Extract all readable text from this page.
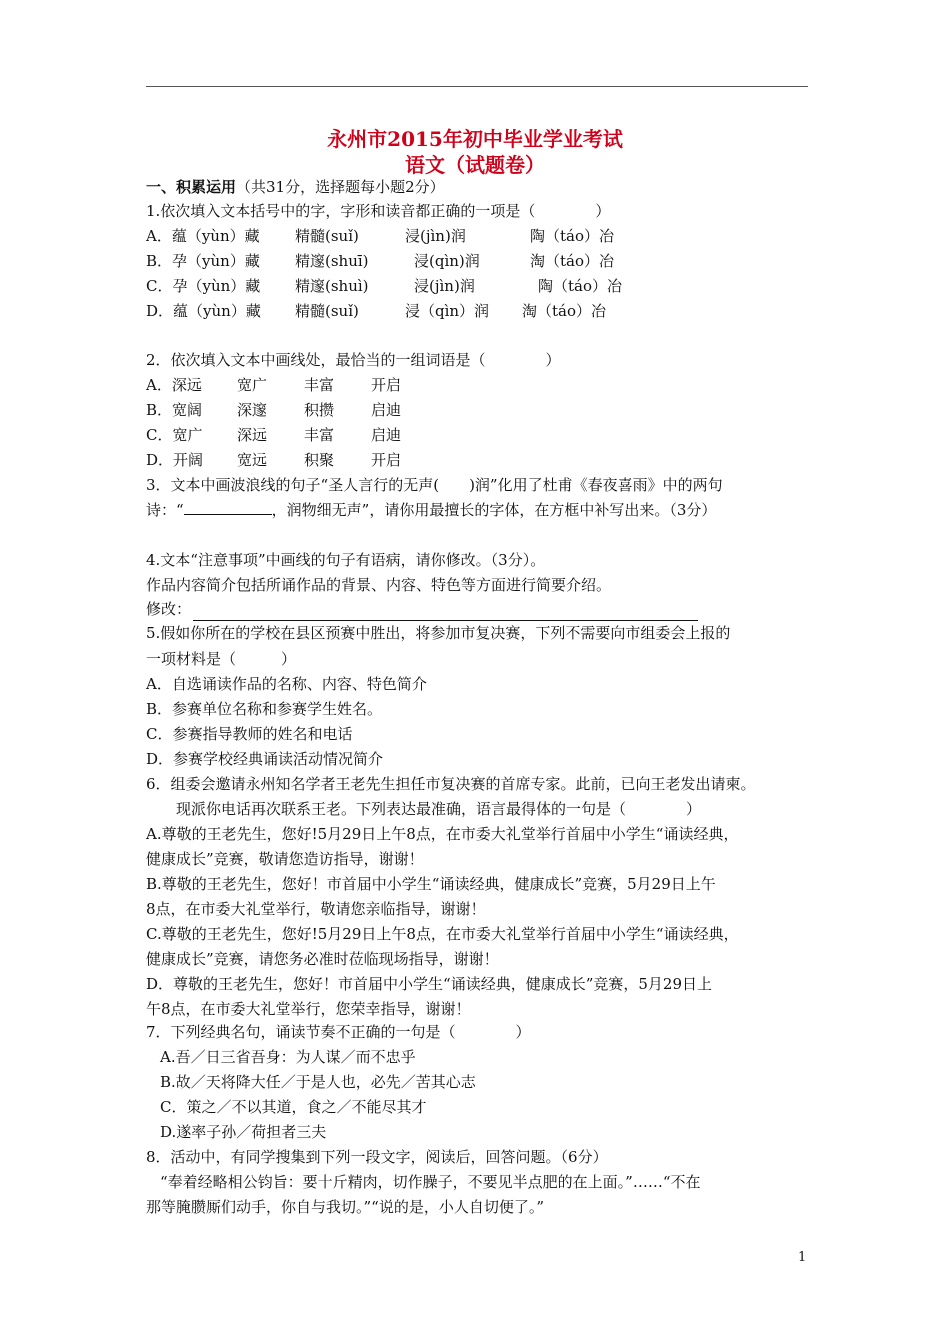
永州市2015年初中毕业学业考试
语文（试题卷）
一、积累运用（共31分，选择题每小题2分）
1.依次填入文本括号中的字，字形和读音都正确的一项是（　　　　）
A．蕴（yùn）藏 精髓(suǐ)	浸(jìn)润	陶（táo）冶
B．孕（yùn）藏 精邃(shuī)	浸(qìn)润	淘（táo）冶
C．孕（yùn）藏 精邃(shuì)	浸(jìn)润	陶（táo）冶
D．蕴（yùn）藏 精髓(suǐ)	浸（qìn）润 淘（táo）冶
2．依次填入文本中画线处，最恰当的一组词语是（　　　　）
A．深远 宽广 丰富 开启
B．宽阔 深邃 积攒 启迪
C．宽广 深远 丰富 启迪
D．开阔 宽远 积聚 开启
3．文本中画波浪线的句子“圣人言行的无声(　　)润”化用了杜甫《春夜喜雨》中的两句
诗：“	，润物细无声”，请你用最擅长的字体，在方框中补写出来。（3分）
4.文本“注意事项”中画线的句子有语病，请你修改。（3分）。
作品内容简介包括所诵作品的背景、内容、特色等方面进行简要介绍。
修改：
5.假如你所在的学校在县区预赛中胜出，将参加市复决赛，下列不需要向市组委会上报的
一项材料是（　　　）
A．自选诵读作品的名称、内容、特色简介
B．参赛单位名称和参赛学生姓名。
C．参赛指导教师的姓名和电话
D．参赛学校经典诵读活动情况简介
6．组委会邀请永州知名学者王老先生担任市复决赛的首席专家。此前，已向王老发出请柬。
现派你电话再次联系王老。下列表达最准确，语言最得体的一句是（　　　　）
A.尊敬的王老先生，您好!5月29日上午8点，在市委大礼堂举行首届中小学生“诵读经典，
健康成长”竞赛，敬请您造访指导，谢谢！
B.尊敬的王老先生，您好！市首届中小学生“诵读经典，健康成长”竞赛，5月29日上午
8点，在市委大礼堂举行，敬请您亲临指导，谢谢！
C.尊敬的王老先生，您好!5月29日上午8点，在市委大礼堂举行首届中小学生“诵读经典，
健康成长”竞赛，请您务必准时莅临现场指导，谢谢！
D．尊敬的王老先生，您好！市首届中小学生“诵读经典，健康成长”竞赛，5月29日上
午8点，在市委大礼堂举行，您荣幸指导，谢谢！
7．下列经典名句，诵读节奏不正确的一句是（　　　　）
A.吾／日三省吾身：为人谋／而不忠乎
B.故／天将降大任／于是人也，必先／苦其心志
C．策之／不以其道，食之／不能尽其才
D.遂率子孙／荷担者三夫
8．活动中，有同学搜集到下列一段文字，阅读后，回答问题。（6分）
“奉着经略相公钧旨：要十斤精肉，切作臊子，不要见半点肥的在上面。”……“不在
那等腌臜厮们动手，你自与我切。”“说的是，小人自切便了。”
1
